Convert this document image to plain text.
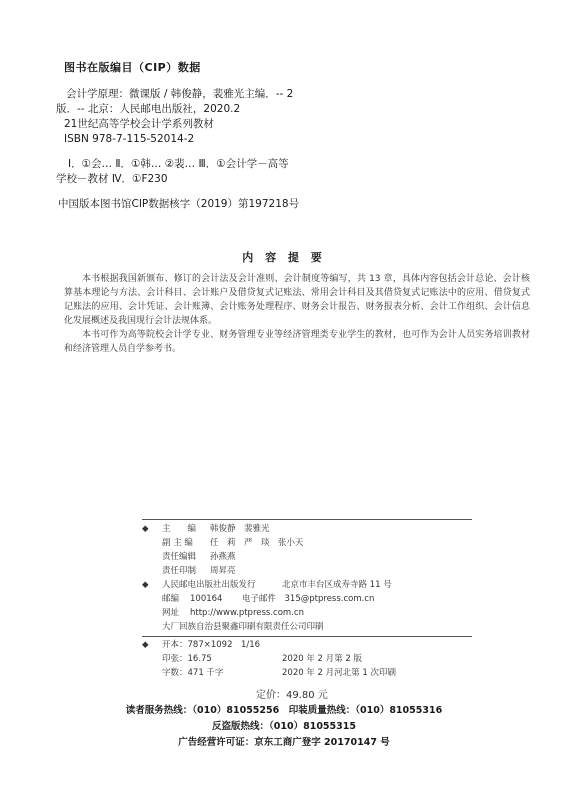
图书在版编目（CIP）数据
会计学原理：微课版 / 韩俊静，裴雅光主编．-- 2
版．-- 北京：人民邮电出版社，2020.2
21世纪高等学校会计学系列教材
ISBN 978-7-115-52014-2
Ⅰ．①会… Ⅱ．①韩… ②裴… Ⅲ．①会计学－高等
学校－教材 Ⅳ．①F230
中国版本图书馆CIP数据核字（2019）第197218号
内 容 提 要

本书根据我国新颁布、修订的会计法及会计准则、会计制度等编写，共 13 章，具体内容包括会计总论、会计核算基本理论与方法、会计科目、会计账户及借贷复式记账法、常用会计科目及其借贷复式记账法中的应用、借贷复式记账法的应用、会计凭证、会计账簿、会计账务处理程序、财务会计报告、财务报表分析、会计工作组织、会计信息化发展概述及我国现行会计法规体系。

本书可作为高等院校会计学专业、财务管理专业等经济管理类专业学生的教材，也可作为会计人员实务培训教材和经济管理人员自学参考书。

◆ 主　　编 韩俊静　裴雅光
副 主 编 任　莉　严　琰　张小天
责任编辑 孙燕燕
责任印制 周昇亮
◆ 人民邮电出版社出版发行	北京市丰台区成寿寺路 11 号
邮编 100164 电子邮件　315@ptpress.com.cn
网址 http://www.ptpress.com.cn
大厂回族自治县聚鑫印刷有限责任公司印刷
◆ 开本：787×1092　1/16
印张：16.75	2020 年 2 月第 2 版
字数：471 千字	2020 年 2 月河北第 1 次印刷
定价：49.80 元
读者服务热线：（010）81055256　印装质量热线：（010）81055316
反盗版热线：（010）81055315
广告经营许可证：京东工商广登字 20170147 号
